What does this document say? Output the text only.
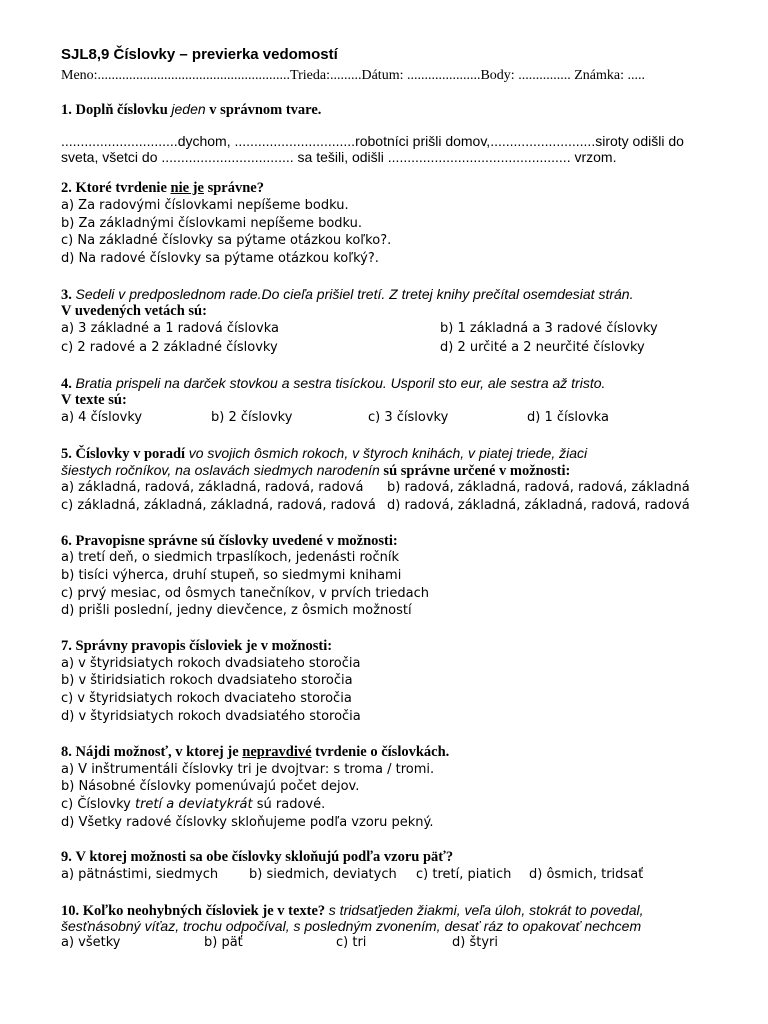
SJL8,9 Číslovky – previerka vedomostí
Meno:.......................................................Trieda:.........Dátum: .....................Body: ............... Známka: .....
1. Doplň číslovku jeden v správnom tvare.
..............................dychom, ...............................robotníci prišli domov,...........................siroty odišli do
sveta, všetci do .................................. sa tešili, odišli ............................................... vrzom.
2. Ktoré tvrdenie nie je správne?
a) Za radovými číslovkami nepíšeme bodku.
b) Za základnými číslovkami nepíšeme bodku.
c) Na základné číslovky sa pýtame otázkou koľko?.
d) Na radové číslovky sa pýtame otázkou koľký?.
3. Sedeli v predposlednom rade.Do cieľa prišiel tretí. Z tretej knihy prečítal osemdesiat strán.
V uvedených vetách sú:
a) 3 základné a 1 radová číslovka	b) 1 základná a 3 radové číslovky
c) 2 radové a 2 základné číslovky	d) 2 určité a 2 neurčité číslovky
4. Bratia prispeli na darček stovkou a sestra tisíckou. Usporil sto eur, ale sestra až tristo.
V texte sú:
a) 4 číslovky	b) 2 číslovky	c) 3 číslovky	d) 1 číslovka
5. Číslovky v poradí vo svojich ôsmich rokoch, v štyroch knihách, v piatej triede, žiaci
šiestych ročníkov, na oslavách siedmych narodenín sú správne určené v možnosti:
a) základná, radová, základná, radová, radová b) radová, základná, radová, radová, základná
c) základná, základná, základná, radová, radová d) radová, základná, základná, radová, radová
6. Pravopisne správne sú číslovky uvedené v možnosti:
a) tretí deň, o siedmich trpaslíkoch, jedenásti ročník
b) tisíci výherca, druhí stupeň, so siedmymi knihami
c) prvý mesiac, od ôsmych tanečníkov, v prvích triedach
d) prišli poslední, jedny dievčence, z ôsmich možností
7. Správny pravopis čísloviek je v možnosti:
a) v štyridsiatych rokoch dvadsiateho storočia
b) v štiridsiatich rokoch dvadsiateho storočia
c) v štyridsiatych rokoch dvaciateho storočia
d) v štyridsiatych rokoch dvadsiatého storočia
8. Nájdi možnosť, v ktorej je nepravdivé tvrdenie o číslovkách.
a) V inštrumentáli číslovky tri je dvojtvar: s troma / tromi.
b) Násobné číslovky pomenúvajú počet dejov.
c) Číslovky tretí a deviatykrát sú radové.
d) Všetky radové číslovky skloňujeme podľa vzoru pekný.
9. V ktorej možnosti sa obe číslovky skloňujú podľa vzoru päť?
a) pätnástimi, siedmych b) siedmich, deviatych c) tretí, piatich d) ôsmich, tridsať
10. Koľko neohybných čísloviek je v texte? s tridsaťjeden žiakmi, veľa úloh, stokrát to povedal,
šesťnásobný víťaz, trochu odpočíval, s posledným zvonením, desať ráz to opakovať nechcem
a) všetky	b) päť	c) tri	d) štyri
